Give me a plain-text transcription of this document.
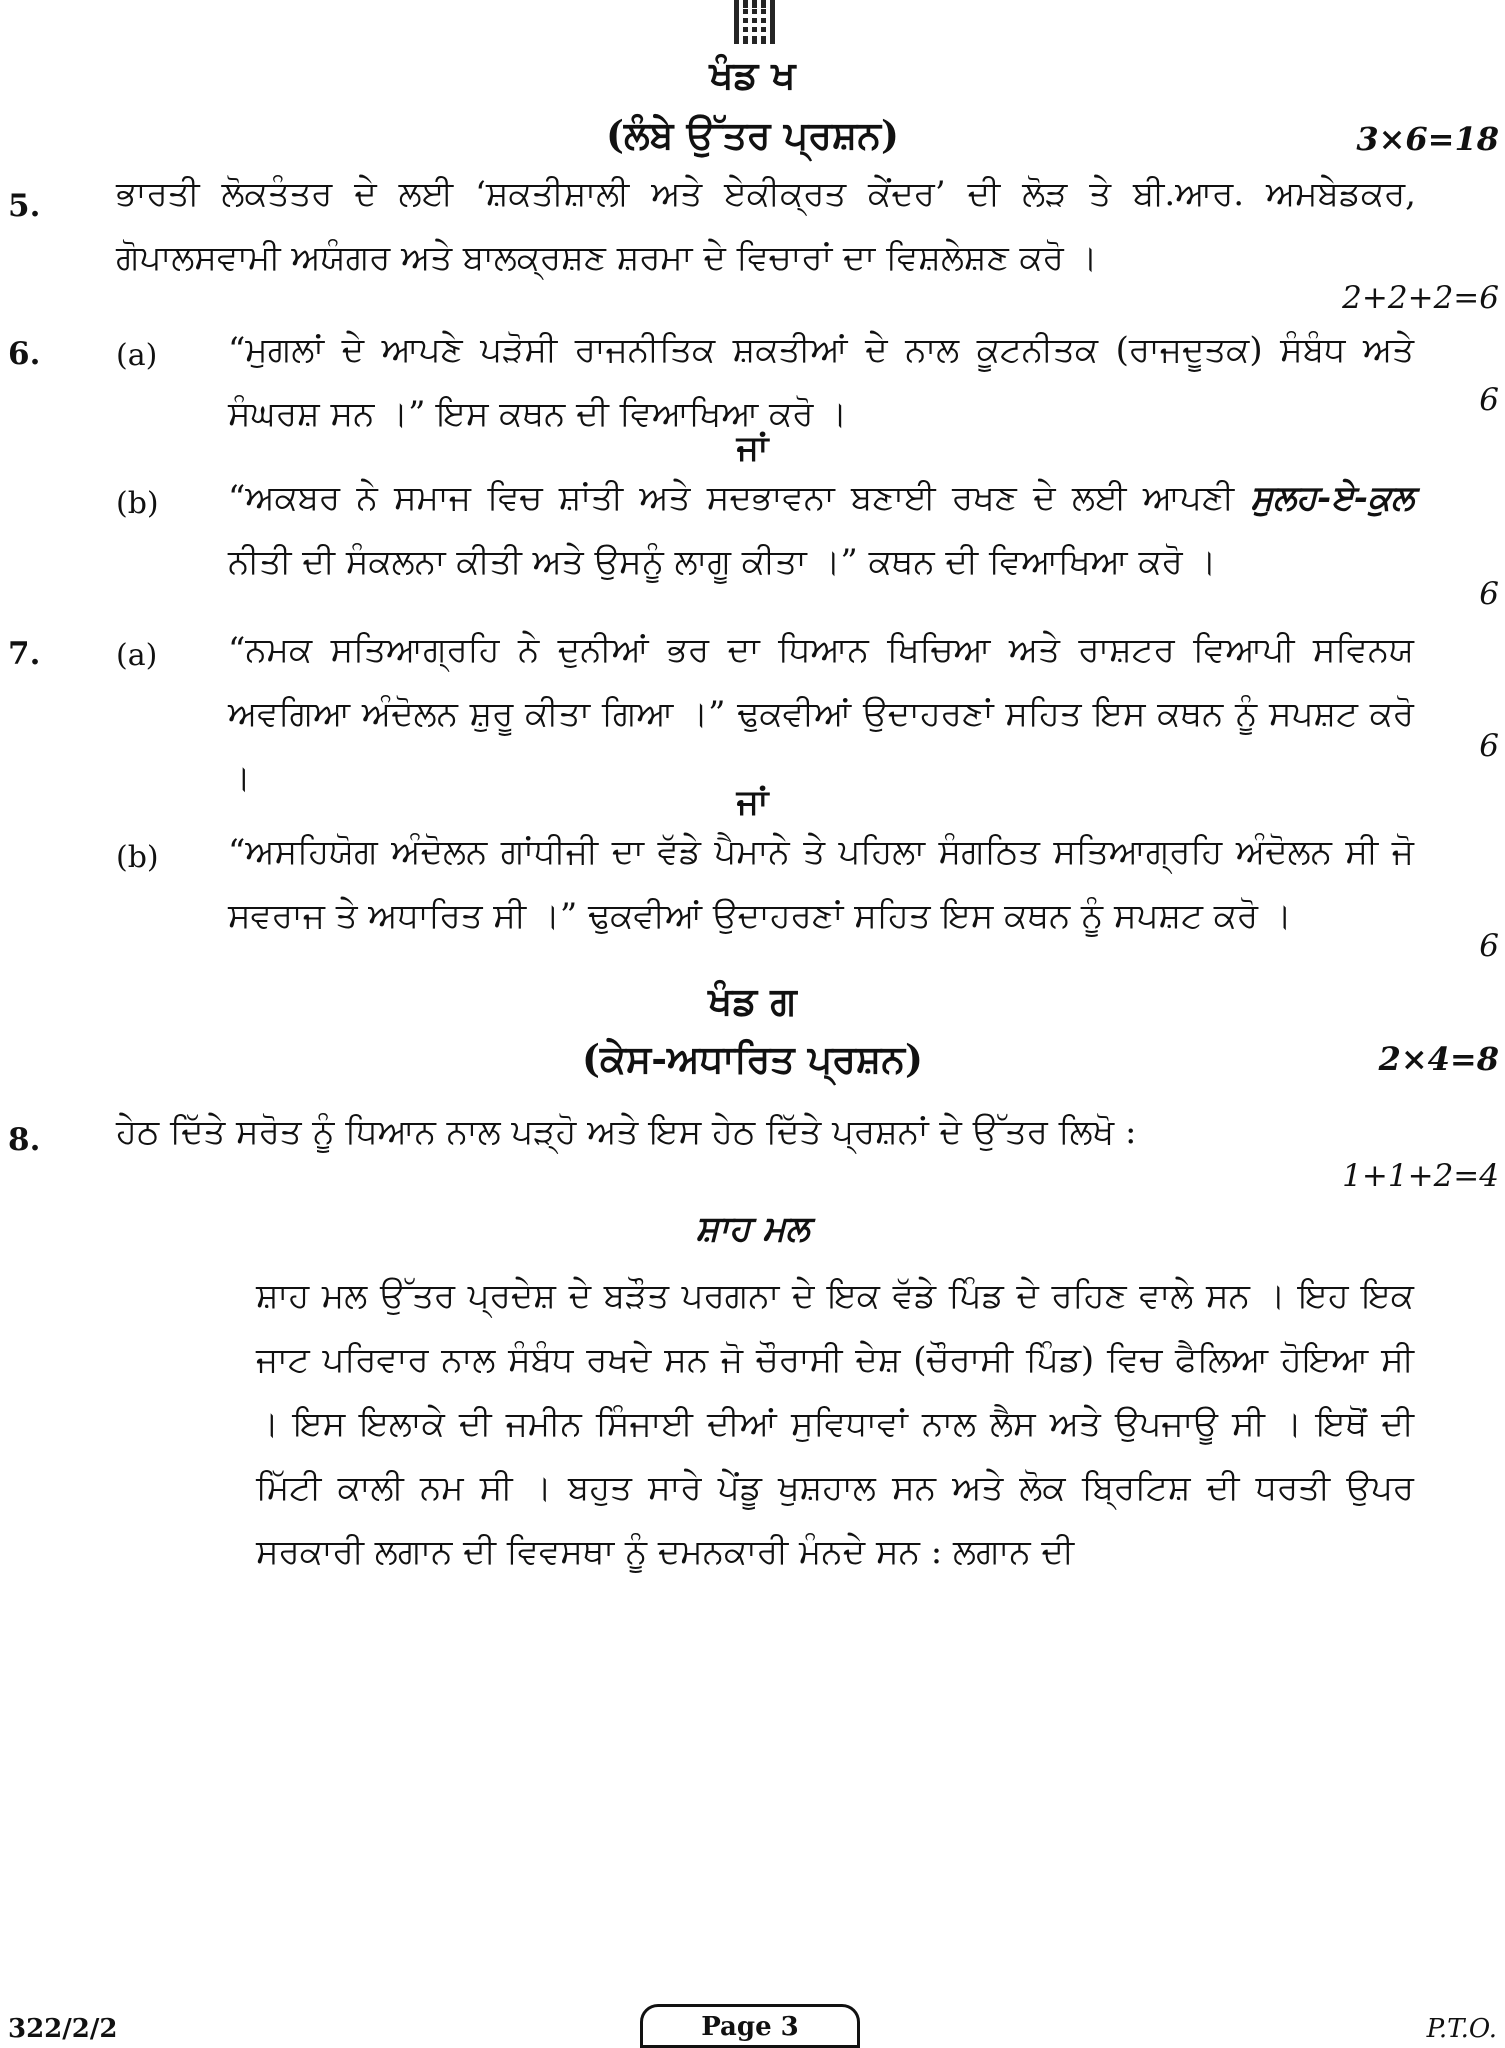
ਖੰਡ ਖ
(ਲੰਬੇ ਉੱਤਰ ਪ੍ਰਸ਼ਨ)	3×6=18
5. ਭਾਰਤੀ ਲੋਕਤੰਤਰ ਦੇ ਲਈ ‘ਸ਼ਕਤੀਸ਼ਾਲੀ ਅਤੇ ਏਕੀਕ੍ਰਤ ਕੇਂਦਰ’ ਦੀ ਲੋੜ ਤੇ ਬੀ.ਆਰ. ਅਮਬੇਡਕਰ, ਗੋਪਾਲਸਵਾਮੀ ਅਯੰਗਰ ਅਤੇ ਬਾਲਕ੍ਰਸ਼ਣ ਸ਼ਰਮਾ ਦੇ ਵਿਚਾਰਾਂ ਦਾ ਵਿਸ਼ਲੇਸ਼ਣ ਕਰੋ ।
2+2+2=6
6.	(a) “ਮੁਗਲਾਂ ਦੇ ਆਪਣੇ ਪੜੋਸੀ ਰਾਜਨੀਤਿਕ ਸ਼ਕਤੀਆਂ ਦੇ ਨਾਲ ਕੂਟਨੀਤਕ (ਰਾਜਦੂਤਕ) ਸੰਬੰਧ ਅਤੇ ਸੰਘਰਸ਼ ਸਨ ।” ਇਸ ਕਥਨ ਦੀ ਵਿਆਖਿਆ ਕਰੋ ।	6
ਜਾਂ
(b) “ਅਕਬਰ ਨੇ ਸਮਾਜ ਵਿਚ ਸ਼ਾਂਤੀ ਅਤੇ ਸਦਭਾਵਨਾ ਬਣਾਈ ਰਖਣ ਦੇ ਲਈ ਆਪਣੀ ਸੁਲਹ-ਏ-ਕੁਲ ਨੀਤੀ ਦੀ ਸੰਕਲਨਾ ਕੀਤੀ ਅਤੇ ਉਸਨੂੰ ਲਾਗੂ ਕੀਤਾ ।” ਕਥਨ ਦੀ ਵਿਆਖਿਆ ਕਰੋ ।
6
7.	(a) “ਨਮਕ ਸਤਿਆਗ੍ਰਹਿ ਨੇ ਦੁਨੀਆਂ ਭਰ ਦਾ ਧਿਆਨ ਖਿਚਿਆ ਅਤੇ ਰਾਸ਼ਟਰ ਵਿਆਪੀ ਸਵਿਨਯ ਅਵਗਿਆ ਅੰਦੋਲਨ ਸ਼ੁਰੂ ਕੀਤਾ ਗਿਆ ।” ਢੁਕਵੀਆਂ ਉਦਾਹਰਣਾਂ ਸਹਿਤ ਇਸ ਕਥਨ ਨੂੰ ਸਪਸ਼ਟ ਕਰੋ ।
6
ਜਾਂ
(b) “ਅਸਹਿਯੋਗ ਅੰਦੋਲਨ ਗਾਂਧੀਜੀ ਦਾ ਵੱਡੇ ਪੈਮਾਨੇ ਤੇ ਪਹਿਲਾ ਸੰਗਠਿਤ ਸਤਿਆਗ੍ਰਹਿ ਅੰਦੋਲਨ ਸੀ ਜੋ ਸਵਰਾਜ ਤੇ ਅਧਾਰਿਤ ਸੀ ।” ਢੁਕਵੀਆਂ ਉਦਾਹਰਣਾਂ ਸਹਿਤ ਇਸ ਕਥਨ ਨੂੰ ਸਪਸ਼ਟ ਕਰੋ ।
6
ਖੰਡ ਗ
(ਕੇਸ-ਅਧਾਰਿਤ ਪ੍ਰਸ਼ਨ)	2×4=8
8. ਹੇਠ ਦਿੱਤੇ ਸਰੋਤ ਨੂੰ ਧਿਆਨ ਨਾਲ ਪੜ੍ਹੋ ਅਤੇ ਇਸ ਹੇਠ ਦਿੱਤੇ ਪ੍ਰਸ਼ਨਾਂ ਦੇ ਉੱਤਰ ਲਿਖੋ :
1+1+2=4
ਸ਼ਾਹ ਮਲ
ਸ਼ਾਹ ਮਲ ਉੱਤਰ ਪ੍ਰਦੇਸ਼ ਦੇ ਬੜੌਤ ਪਰਗਨਾ ਦੇ ਇਕ ਵੱਡੇ ਪਿੰਡ ਦੇ ਰਹਿਣ ਵਾਲੇ ਸਨ । ਇਹ ਇਕ ਜਾਟ ਪਰਿਵਾਰ ਨਾਲ ਸੰਬੰਧ ਰਖਦੇ ਸਨ ਜੋ ਚੌਰਾਸੀ ਦੇਸ਼ (ਚੌਰਾਸੀ ਪਿੰਡ) ਵਿਚ ਫੈਲਿਆ ਹੋਇਆ ਸੀ । ਇਸ ਇਲਾਕੇ ਦੀ ਜਮੀਨ ਸਿੰਜਾਈ ਦੀਆਂ ਸੁਵਿਧਾਵਾਂ ਨਾਲ ਲੈਸ ਅਤੇ ਉਪਜਾਊ ਸੀ । ਇਥੋਂ ਦੀ ਮਿੱਟੀ ਕਾਲੀ ਨਮ ਸੀ । ਬਹੁਤ ਸਾਰੇ ਪੇਂਡੂ ਖੁਸ਼ਹਾਲ ਸਨ ਅਤੇ ਲੋਕ ਬ੍ਰਿਟਿਸ਼ ਦੀ ਧਰਤੀ ਉਪਰ ਸਰਕਾਰੀ ਲਗਾਨ ਦੀ ਵਿਵਸਥਾ ਨੂੰ ਦਮਨਕਾਰੀ ਮੰਨਦੇ ਸਨ : ਲਗਾਨ ਦੀ
322/2/2	Page 3	P.T.O.
